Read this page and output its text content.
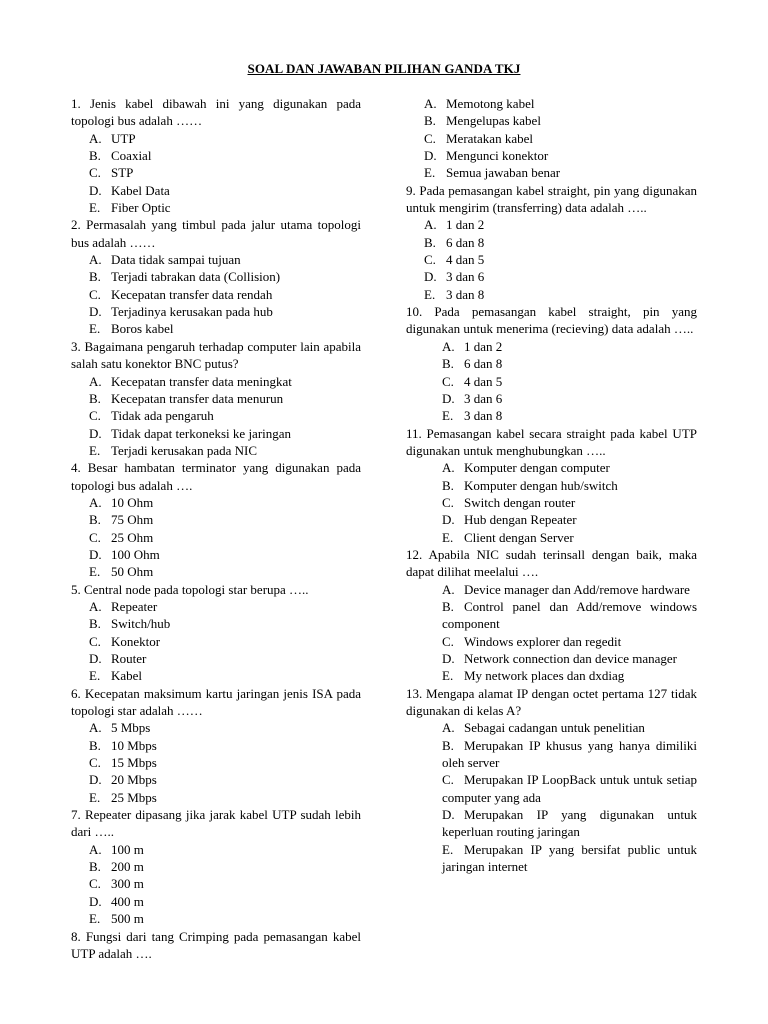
SOAL DAN JAWABAN PILIHAN GANDA TKJ

1. Jenis kabel dibawah ini yang digunakan pada topologi bus adalah ……

A. UTP

B. Coaxial

C. STP

D. Kabel Data

E. Fiber Optic

2. Permasalah yang timbul pada jalur utama topologi bus adalah ……

A. Data tidak sampai tujuan

B. Terjadi tabrakan data (Collision)

C. Kecepatan transfer data rendah

D. Terjadinya kerusakan pada hub

E. Boros kabel

3. Bagaimana pengaruh terhadap computer lain apabila salah satu konektor BNC putus?

A. Kecepatan transfer data meningkat

B. Kecepatan transfer data menurun

C. Tidak ada pengaruh

D. Tidak dapat terkoneksi ke jaringan

E. Terjadi kerusakan pada NIC

4. Besar hambatan terminator yang digunakan pada topologi bus adalah ….

A. 10 Ohm

B. 75 Ohm

C. 25 Ohm

D. 100 Ohm

E. 50 Ohm

5. Central node pada topologi star berupa …..

A. Repeater

B. Switch/hub

C. Konektor

D. Router

E. Kabel

6. Kecepatan maksimum kartu jaringan jenis ISA pada topologi star adalah ……

A. 5 Mbps

B. 10 Mbps

C. 15 Mbps

D. 20 Mbps

E. 25 Mbps

7. Repeater dipasang jika jarak kabel UTP sudah lebih dari …..

A. 100 m

B. 200 m

C. 300 m

D. 400 m

E. 500 m

8. Fungsi dari tang Crimping pada pemasangan kabel UTP adalah ….

A. Memotong kabel

B. Mengelupas kabel

C. Meratakan kabel

D. Mengunci konektor

E. Semua jawaban benar

9. Pada pemasangan kabel straight, pin yang digunakan untuk mengirim (transferring) data adalah …..

A. 1 dan 2

B. 6 dan 8

C. 4 dan 5

D. 3 dan 6

E. 3 dan 8

10. Pada pemasangan kabel straight, pin yang digunakan untuk menerima (recieving) data adalah …..

A. 1 dan 2

B. 6 dan 8

C. 4 dan 5

D. 3 dan 6

E. 3 dan 8

11. Pemasangan kabel secara straight pada kabel UTP digunakan untuk menghubungkan …..

A. Komputer dengan computer

B. Komputer dengan hub/switch

C. Switch dengan router

D. Hub dengan Repeater

E. Client dengan Server

12. Apabila NIC sudah terinsall dengan baik, maka dapat dilihat meelalui ….

A. Device manager dan Add/remove hardware

B. Control panel dan Add/remove windows component

C. Windows explorer dan regedit

D. Network connection dan device manager

E. My network places dan dxdiag

13. Mengapa alamat IP dengan octet pertama 127 tidak digunakan di kelas A?

A. Sebagai cadangan untuk penelitian

B. Merupakan IP khusus yang hanya dimiliki oleh server

C. Merupakan IP LoopBack untuk untuk setiap computer yang ada

D. Merupakan IP yang digunakan untuk keperluan routing jaringan

E. Merupakan IP yang bersifat public untuk jaringan internet
